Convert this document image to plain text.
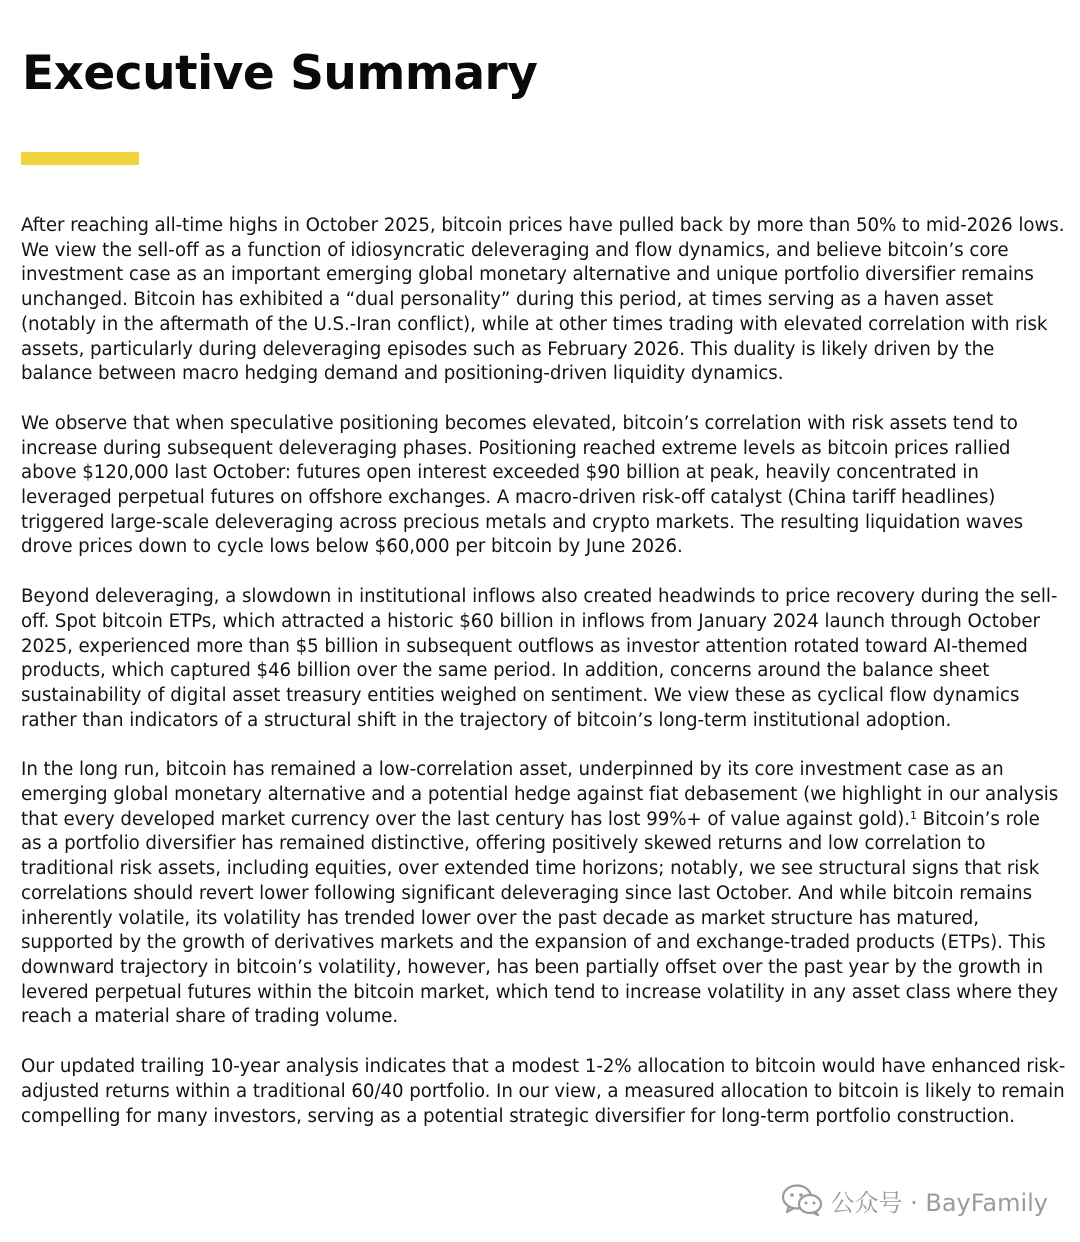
Executive Summary

After reaching all-time highs in October 2025, bitcoin prices have pulled back by more than 50% to mid-2026 lows. We view the sell-off as a function of idiosyncratic deleveraging and flow dynamics, and believe bitcoin’s core investment case as an important emerging global monetary alternative and unique portfolio diversifier remains unchanged. Bitcoin has exhibited a “dual personality” during this period, at times serving as a haven asset (notably in the aftermath of the U.S.-Iran conflict), while at other times trading with elevated correlation with risk assets, particularly during deleveraging episodes such as February 2026. This duality is likely driven by the balance between macro hedging demand and positioning-driven liquidity dynamics.

We observe that when speculative positioning becomes elevated, bitcoin’s correlation with risk assets tend to increase during subsequent deleveraging phases. Positioning reached extreme levels as bitcoin prices rallied above $120,000 last October: futures open interest exceeded $90 billion at peak, heavily concentrated in leveraged perpetual futures on offshore exchanges. A macro-driven risk-off catalyst (China tariff headlines) triggered large-scale deleveraging across precious metals and crypto markets. The resulting liquidation waves drove prices down to cycle lows below $60,000 per bitcoin by June 2026.

Beyond deleveraging, a slowdown in institutional inflows also created headwinds to price recovery during the sell-off. Spot bitcoin ETPs, which attracted a historic $60 billion in inflows from January 2024 launch through October 2025, experienced more than $5 billion in subsequent outflows as investor attention rotated toward AI-themed products, which captured $46 billion over the same period. In addition, concerns around the balance sheet sustainability of digital asset treasury entities weighed on sentiment. We view these as cyclical flow dynamics rather than indicators of a structural shift in the trajectory of bitcoin’s long-term institutional adoption.

In the long run, bitcoin has remained a low-correlation asset, underpinned by its core investment case as an emerging global monetary alternative and a potential hedge against fiat debasement (we highlight in our analysis that every developed market currency over the last century has lost 99%+ of value against gold).$^1$ Bitcoin’s role as a portfolio diversifier has remained distinctive, offering positively skewed returns and low correlation to traditional risk assets, including equities, over extended time horizons; notably, we see structural signs that risk correlations should revert lower following significant deleveraging since last October. And while bitcoin remains inherently volatile, its volatility has trended lower over the past decade as market structure has matured, supported by the growth of derivatives markets and the expansion of and exchange-traded products (ETPs). This downward trajectory in bitcoin’s volatility, however, has been partially offset over the past year by the growth in levered perpetual futures within the bitcoin market, which tend to increase volatility in any asset class where they reach a material share of trading volume.

Our updated trailing 10-year analysis indicates that a modest 1-2% allocation to bitcoin would have enhanced risk-adjusted returns within a traditional 60/40 portfolio. In our view, a measured allocation to bitcoin is likely to remain compelling for many investors, serving as a potential strategic diversifier for long-term portfolio construction.

公众号 · BayFamily
